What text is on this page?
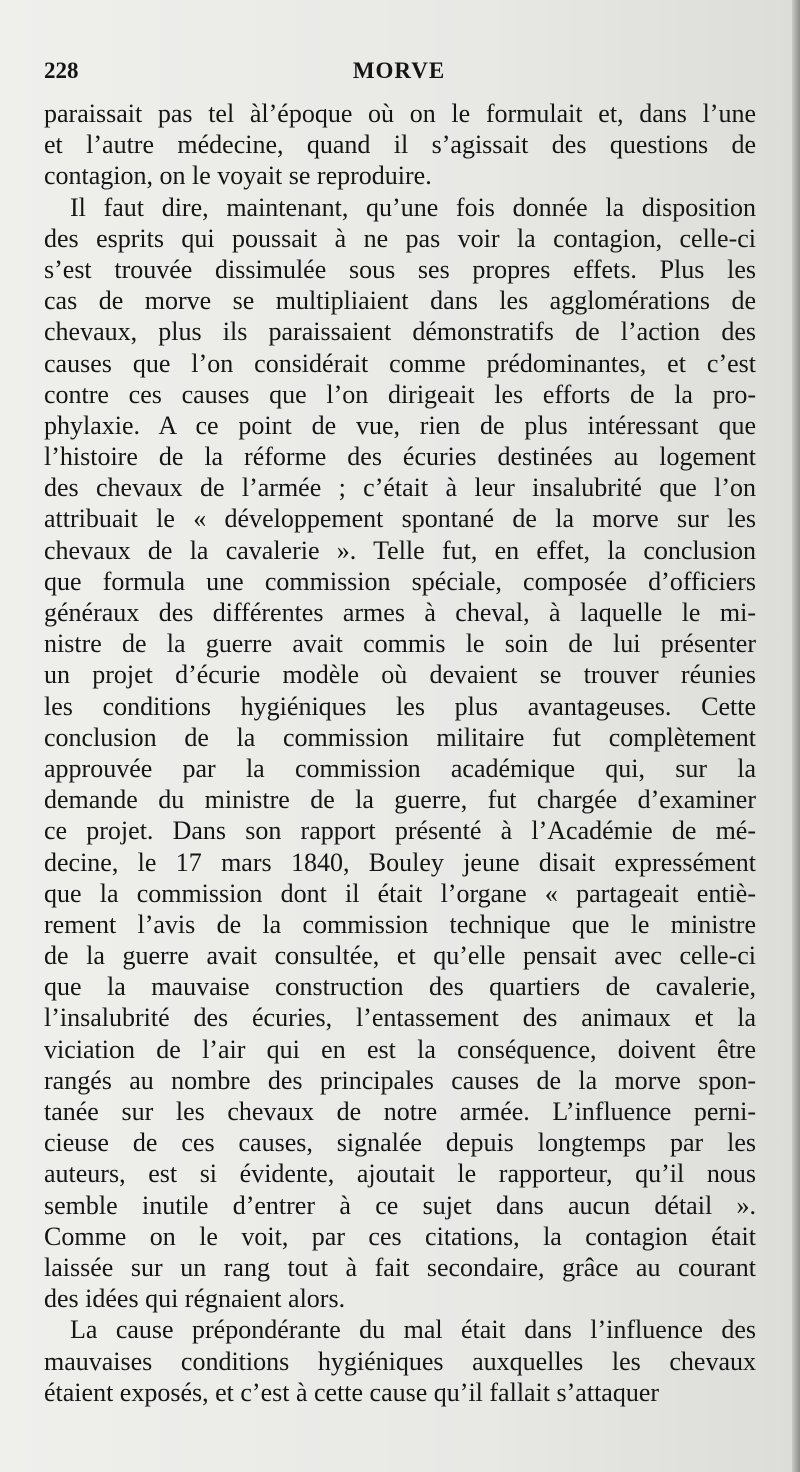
228	MORVE
paraissait pas tel àl’époque où on le formulait et, dans l’une
et l’autre médecine, quand il s’agissait des questions de
contagion, on le voyait se reproduire.
Il faut dire, maintenant, qu’une fois donnée la disposition
des esprits qui poussait à ne pas voir la contagion, celle-ci
s’est trouvée dissimulée sous ses propres effets. Plus les
cas de morve se multipliaient dans les agglomérations de
chevaux, plus ils paraissaient démonstratifs de l’action des
causes que l’on considérait comme prédominantes, et c’est
contre ces causes que l’on dirigeait les efforts de la pro-
phylaxie. A ce point de vue, rien de plus intéressant que
l’histoire de la réforme des écuries destinées au logement
des chevaux de l’armée ; c’était à leur insalubrité que l’on
attribuait le « développement spontané de la morve sur les
chevaux de la cavalerie ». Telle fut, en effet, la conclusion
que formula une commission spéciale, composée d’officiers
généraux des différentes armes à cheval, à laquelle le mi-
nistre de la guerre avait commis le soin de lui présenter
un projet d’écurie modèle où devaient se trouver réunies
les conditions hygiéniques les plus avantageuses. Cette
conclusion de la commission militaire fut complètement
approuvée par la commission académique qui, sur la
demande du ministre de la guerre, fut chargée d’examiner
ce projet. Dans son rapport présenté à l’Académie de mé-
decine, le 17 mars 1840, Bouley jeune disait expressément
que la commission dont il était l’organe « partageait entiè-
rement l’avis de la commission technique que le ministre
de la guerre avait consultée, et qu’elle pensait avec celle-ci
que la mauvaise construction des quartiers de cavalerie,
l’insalubrité des écuries, l’entassement des animaux et la
viciation de l’air qui en est la conséquence, doivent être
rangés au nombre des principales causes de la morve spon-
tanée sur les chevaux de notre armée. L’influence perni-
cieuse de ces causes, signalée depuis longtemps par les
auteurs, est si évidente, ajoutait le rapporteur, qu’il nous
semble inutile d’entrer à ce sujet dans aucun détail ».
Comme on le voit, par ces citations, la contagion était
laissée sur un rang tout à fait secondaire, grâce au courant
des idées qui régnaient alors.
La cause prépondérante du mal était dans l’influence des
mauvaises conditions hygiéniques auxquelles les chevaux
étaient exposés, et c’est à cette cause qu’il fallait s’attaquer
